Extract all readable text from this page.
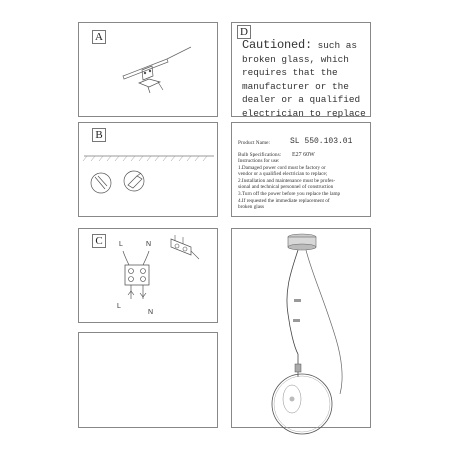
A
B
C	L	N
L
N
D
Cautioned: such as
broken glass, which
requires that the
manufacturer or the
dealer or a qualified
electrician to replace
Product Name:	SL 550.103.01
Bulb Specifications: E27 60W
Instructions for use:
1.Damaged power cord must be factory or
vendor or a qualified electrician to replace;
2.Installation and maintenance must be profes-
sional and technical personnel of construction
3.Turn off the power before you replace the lamp
4.If requested the immediate replacement of
broken glass
